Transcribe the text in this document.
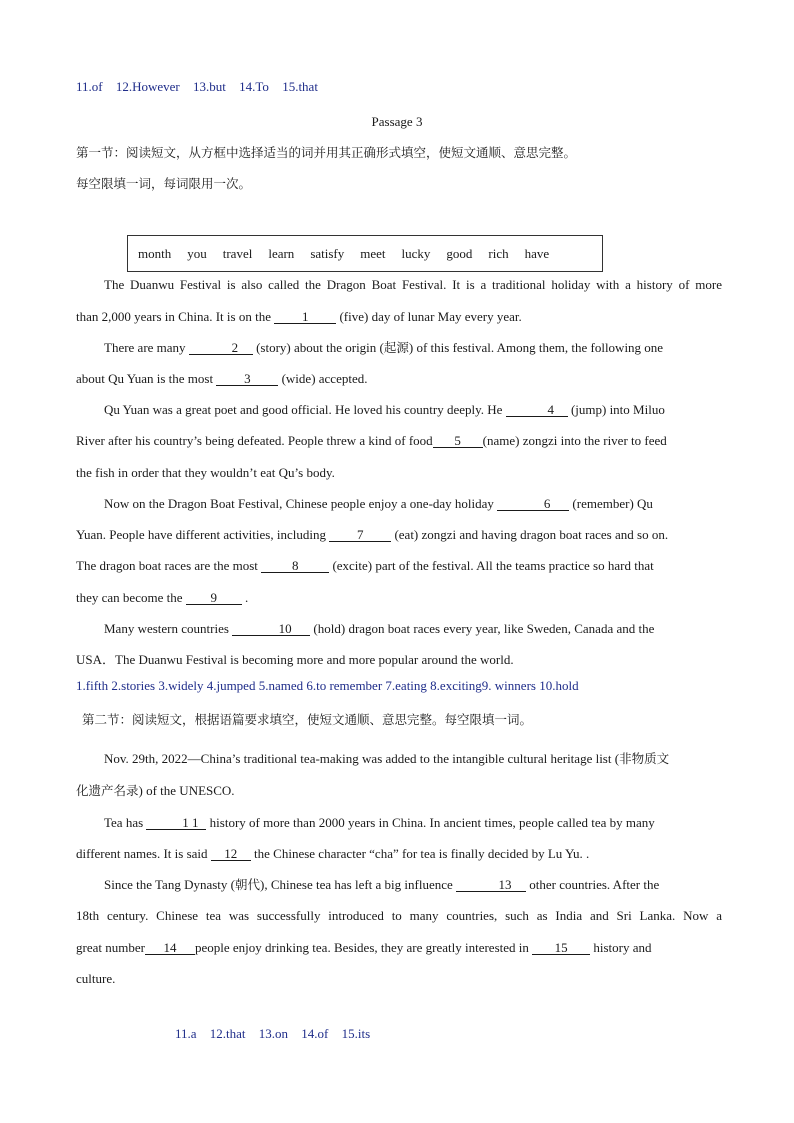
11.of 12.However 13.but 14.To 15.that
Passage 3
第一节：阅读短文，从方框中选择适当的词并用其正确形式填空，使短文通顺、意思完整。
每空限填一词，每词限用一次。
month you travel learn satisfy meet lucky good rich have
The Duanwu Festival is also called the Dragon Boat Festival. It is a traditional holiday with a history of more
than 2,000 years in China. It is on the 1 (five) day of lunar May every year.
There are many	2 (story) about the origin (起源) of this festival. Among them, the following one
about Qu Yuan is the most 3 (wide) accepted.
Qu Yuan was a great poet and good official. He loved his country deeply. He	4 (jump) into Miluo
River after his country’s being defeated. People threw a kind of food 5 (name) zongzi into the river to feed
the fish in order that they wouldn’t eat Qu’s body.
Now on the Dragon Boat Festival, Chinese people enjoy a one-day holiday	6 (remember) Qu
Yuan. People have different activities, including 7 (eat) zongzi and having dragon boat races and so on.
The dragon boat races are the most	8	(excite) part of the festival. All the teams practice so hard that
they can become the 9 .
Many western countries	10 (hold) dragon boat races every year, like Sweden, Canada and the
USA．The Duanwu Festival is becoming more and more popular around the world.
1.fifth 2.stories 3.widely 4.jumped 5.named 6.to remember 7.eating 8.exciting9. winners 10.hold
第二节：阅读短文，根据语篇要求填空，使短文通顺、意思完整。每空限填一词。
Nov. 29th, 2022—China’s traditional tea-making was added to the intangible cultural heritage list (非物质文
化遗产名录) of the UNESCO.
Tea has	1 1 history of more than 2000 years in China. In ancient times, people called tea by many
different names. It is said 12 the Chinese character “cha” for tea is finally decided by Lu Yu. .
Since the Tang Dynasty (朝代), Chinese tea has left a big influence	13 other countries. After the
18th century. Chinese tea was successfully introduced to many countries, such as India and Sri Lanka. Now a
great number 14 people enjoy drinking tea. Besides, they are greatly interested in 15 history and
culture.
11.a 12.that 13.on 14.of 15.its
